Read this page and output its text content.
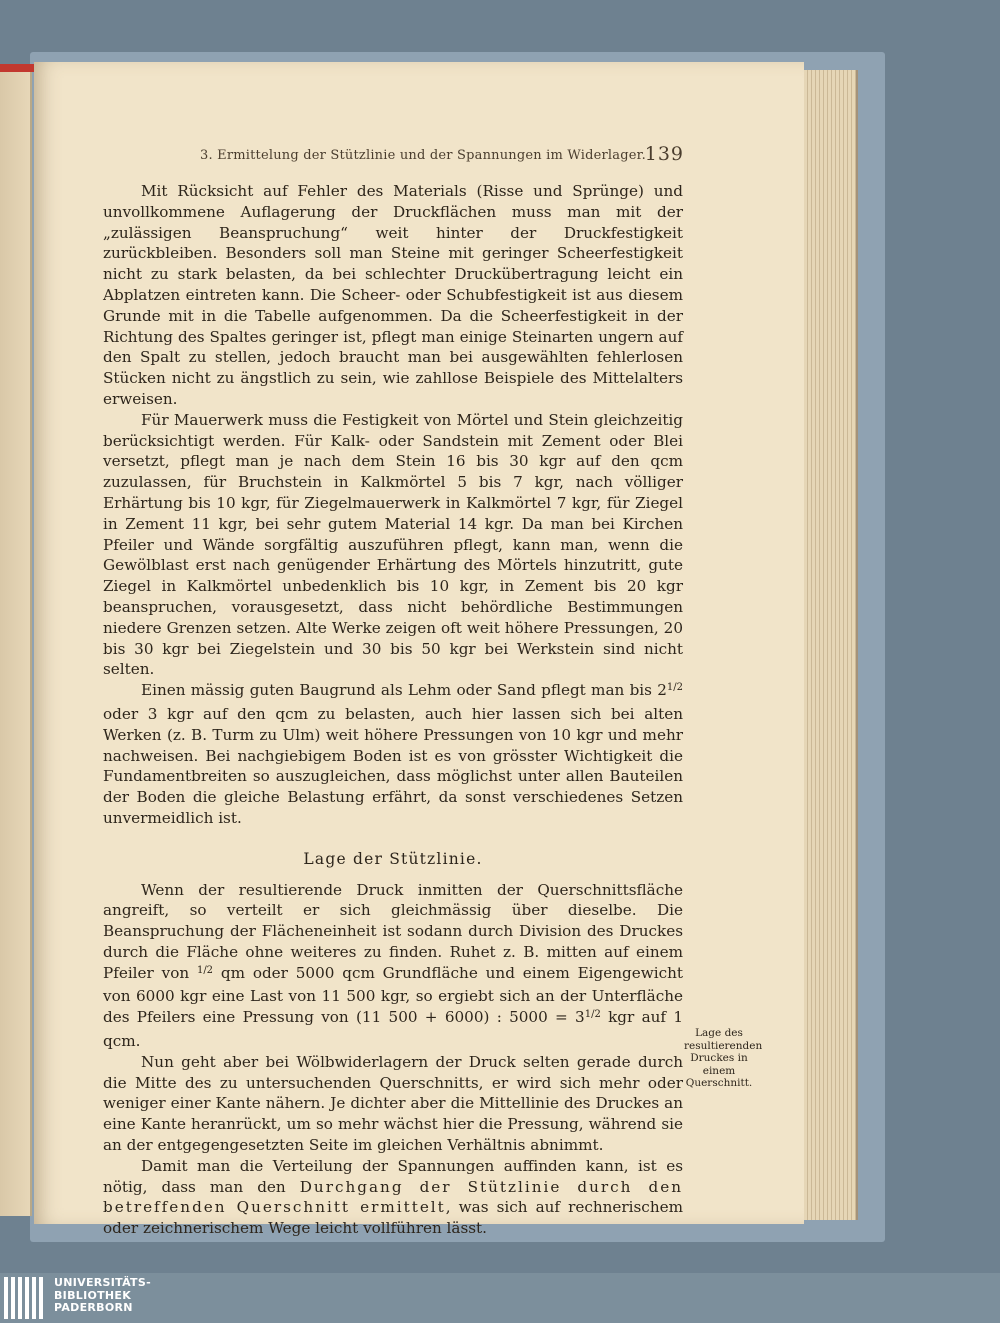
3. Ermittelung der Stützlinie und der Spannungen im Widerlager.
139

Mit Rücksicht auf Fehler des Materials (Risse und Sprünge) und unvollkommene Auflagerung der Druckflächen muss man mit der „zulässigen Beanspruchung“ weit hinter der Druckfestigkeit zurückbleiben. Besonders soll man Steine mit geringer Scheerfestigkeit nicht zu stark belasten, da bei schlechter Druckübertragung leicht ein Abplatzen eintreten kann. Die Scheer- oder Schubfestigkeit ist aus diesem Grunde mit in die Tabelle aufgenommen. Da die Scheerfestigkeit in der Richtung des Spaltes geringer ist, pflegt man einige Steinarten ungern auf den Spalt zu stellen, jedoch braucht man bei ausgewählten fehlerlosen Stücken nicht zu ängstlich zu sein, wie zahllose Beispiele des Mittelalters erweisen.

Für Mauerwerk muss die Festigkeit von Mörtel und Stein gleichzeitig berücksichtigt werden. Für Kalk- oder Sandstein mit Zement oder Blei versetzt, pflegt man je nach dem Stein 16 bis 30 kgr auf den qcm zuzulassen, für Bruchstein in Kalkmörtel 5 bis 7 kgr, nach völliger Erhärtung bis 10 kgr, für Ziegelmauerwerk in Kalkmörtel 7 kgr, für Ziegel in Zement 11 kgr, bei sehr gutem Material 14 kgr. Da man bei Kirchen Pfeiler und Wände sorgfältig auszuführen pflegt, kann man, wenn die Gewölblast erst nach genügender Erhärtung des Mörtels hinzutritt, gute Ziegel in Kalkmörtel unbedenklich bis 10 kgr, in Zement bis 20 kgr beanspruchen, vorausgesetzt, dass nicht behördliche Bestimmungen niedere Grenzen setzen. Alte Werke zeigen oft weit höhere Pressungen, 20 bis 30 kgr bei Ziegelstein und 30 bis 50 kgr bei Werkstein sind nicht selten.

Einen mässig guten Baugrund als Lehm oder Sand pflegt man bis $2^{1/2}$ oder 3 kgr auf den qcm zu belasten, auch hier lassen sich bei alten Werken (z. B. Turm zu Ulm) weit höhere Pressungen von 10 kgr und mehr nachweisen. Bei nachgiebigem Boden ist es von grösster Wichtigkeit die Fundamentbreiten so auszugleichen, dass möglichst unter allen Bauteilen der Boden die gleiche Belastung erfährt, da sonst verschiedenes Setzen unvermeidlich ist.

Lage der Stützlinie.

Wenn der resultierende Druck inmitten der Querschnittsfläche angreift, so verteilt er sich gleichmässig über dieselbe. Die Beanspruchung der Flächeneinheit ist sodann durch Division des Druckes durch die Fläche ohne weiteres zu finden. Ruhet z. B. mitten auf einem Pfeiler von $^{1/2}$ qm oder 5000 qcm Grundfläche und einem Eigengewicht von 6000 kgr eine Last von 11 500 kgr, so ergiebt sich an der Unterfläche des Pfeilers eine Pressung von (11 500 + 6000) : $5000 = 3^{1/2}$ kgr auf 1 qcm.

Nun geht aber bei Wölbwiderlagern der Druck selten gerade durch die Mitte des zu untersuchenden Querschnitts, er wird sich mehr oder weniger einer Kante nähern. Je dichter aber die Mittellinie des Druckes an eine Kante heranrückt, um so mehr wächst hier die Pressung, während sie an der entgegengesetzten Seite im gleichen Verhältnis abnimmt.

Damit man die Verteilung der Spannungen auffinden kann, ist es nötig, dass man den Durchgang der Stützlinie durch den betreffenden Querschnitt ermittelt, was sich auf rechnerischem oder zeichnerischem Wege leicht vollführen lässt.

Lage des resultierenden Druckes in einem Querschnitt.
UNIVERSITÄTS-
BIBLIOTHEK
PADERBORN
